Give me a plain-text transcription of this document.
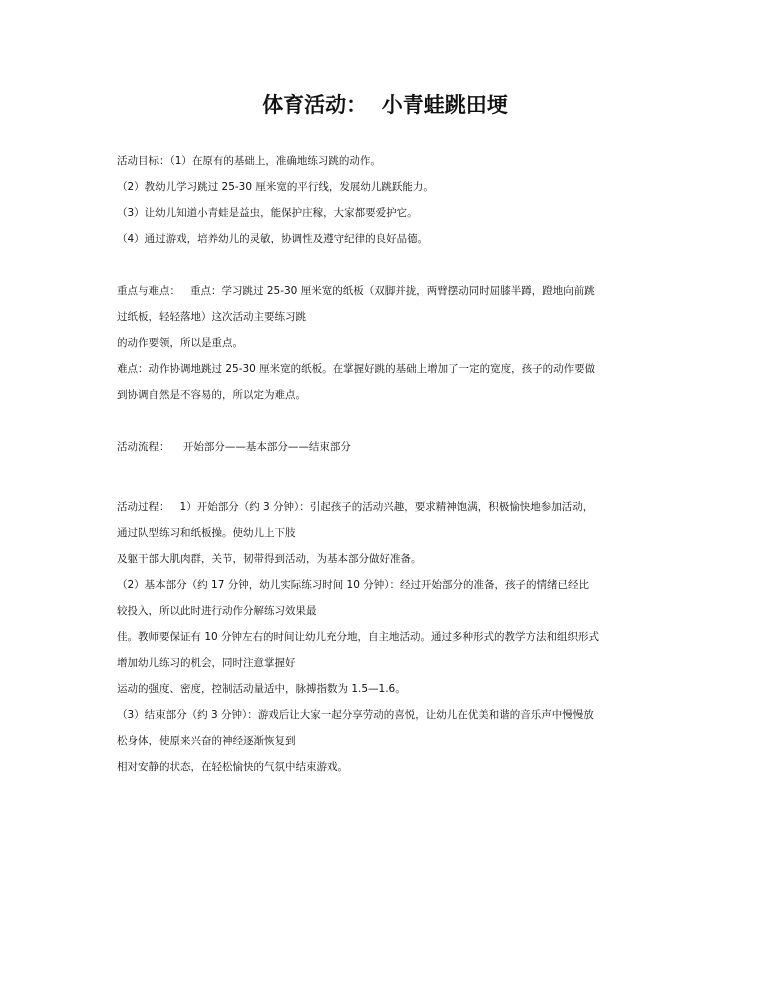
体育活动：  小青蛙跳田埂

活动目标：（1）在原有的基础上，准确地练习跳的动作。

（2）教幼儿学习跳过 25-30 厘米宽的平行线，发展幼儿跳跃能力。

（3）让幼儿知道小青蛙是益虫，能保护庄稼，大家都要爱护它。

（4）通过游戏，培养幼儿的灵敏，协调性及遵守纪律的良好品德。

重点与难点：   重点：学习跳过 25-30 厘米宽的纸板（双脚并拢，两臂摆动同时屈膝半蹲，蹬地向前跳

过纸板，轻轻落地）这次活动主要练习跳

的动作要领，所以是重点。

难点：动作协调地跳过 25-30 厘米宽的纸板。在掌握好跳的基础上增加了一定的宽度，孩子的动作要做

到协调自然是不容易的，所以定为难点。

活动流程：    开始部分——基本部分——结束部分

活动过程：   1）开始部分（约 3 分钟）：引起孩子的活动兴趣，要求精神饱满，积极愉快地参加活动，

通过队型练习和纸板操。使幼儿上下肢

及躯干部大肌肉群，关节，韧带得到活动，为基本部分做好准备。

（2）基本部分（约 17 分钟，幼儿实际练习时间 10 分钟）：经过开始部分的准备，孩子的情绪已经比

较投入，所以此时进行动作分解练习效果最

佳。教师要保证有 10 分钟左右的时间让幼儿充分地，自主地活动。通过多种形式的教学方法和组织形式

增加幼儿练习的机会，同时注意掌握好

运动的强度、密度，控制活动量适中，脉搏指数为 1.5—1.6。

（3）结束部分（约 3 分钟）：游戏后让大家一起分享劳动的喜悦，让幼儿在优美和谐的音乐声中慢慢放

松身体，使原来兴奋的神经逐渐恢复到

相对安静的状态，在轻松愉快的气氛中结束游戏。
